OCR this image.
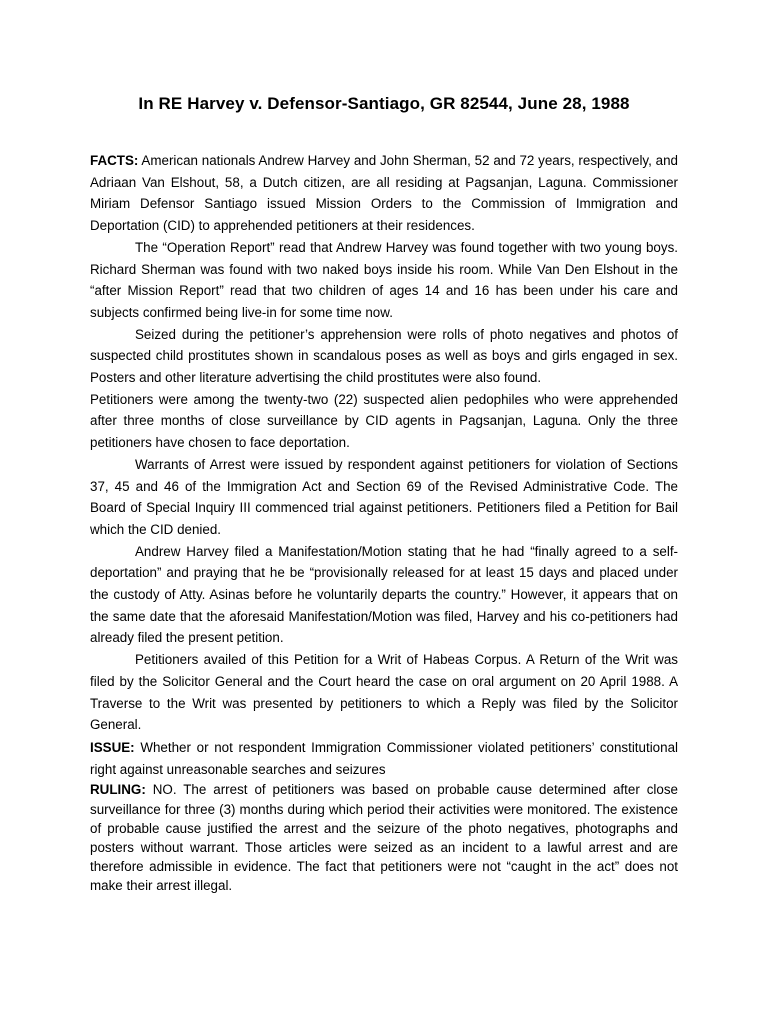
In RE Harvey v. Defensor-Santiago, GR 82544, June 28, 1988

FACTS: American nationals Andrew Harvey and John Sherman, 52 and 72 years, respectively, and Adriaan Van Elshout, 58, a Dutch citizen, are all residing at Pagsanjan, Laguna. Commissioner Miriam Defensor Santiago issued Mission Orders to the Commission of Immigration and Deportation (CID) to apprehended petitioners at their residences.

The “Operation Report” read that Andrew Harvey was found together with two young boys. Richard Sherman was found with two naked boys inside his room. While Van Den Elshout in the “after Mission Report” read that two children of ages 14 and 16 has been under his care and subjects confirmed being live-in for some time now.

Seized during the petitioner’s apprehension were rolls of photo negatives and photos of suspected child prostitutes shown in scandalous poses as well as boys and girls engaged in sex. Posters and other literature advertising the child prostitutes were also found.

Petitioners were among the twenty-two (22) suspected alien pedophiles who were apprehended after three months of close surveillance by CID agents in Pagsanjan, Laguna. Only the three petitioners have chosen to face deportation.

Warrants of Arrest were issued by respondent against petitioners for violation of Sections 37, 45 and 46 of the Immigration Act and Section 69 of the Revised Administrative Code. The Board of Special Inquiry III commenced trial against petitioners. Petitioners filed a Petition for Bail which the CID denied.

Andrew Harvey filed a Manifestation/Motion stating that he had “finally agreed to a self-deportation” and praying that he be “provisionally released for at least 15 days and placed under the custody of Atty. Asinas before he voluntarily departs the country.” However, it appears that on the same date that the aforesaid Manifestation/Motion was filed, Harvey and his co-petitioners had already filed the present petition.

Petitioners availed of this Petition for a Writ of Habeas Corpus. A Return of the Writ was filed by the Solicitor General and the Court heard the case on oral argument on 20 April 1988. A Traverse to the Writ was presented by petitioners to which a Reply was filed by the Solicitor General.

ISSUE: Whether or not respondent Immigration Commissioner violated petitioners’ constitutional right against unreasonable searches and seizures

RULING: NO. The arrest of petitioners was based on probable cause determined after close surveillance for three (3) months during which period their activities were monitored. The existence of probable cause justified the arrest and the seizure of the photo negatives, photographs and posters without warrant. Those articles were seized as an incident to a lawful arrest and are therefore admissible in evidence. The fact that petitioners were not “caught in the act” does not make their arrest illegal.
